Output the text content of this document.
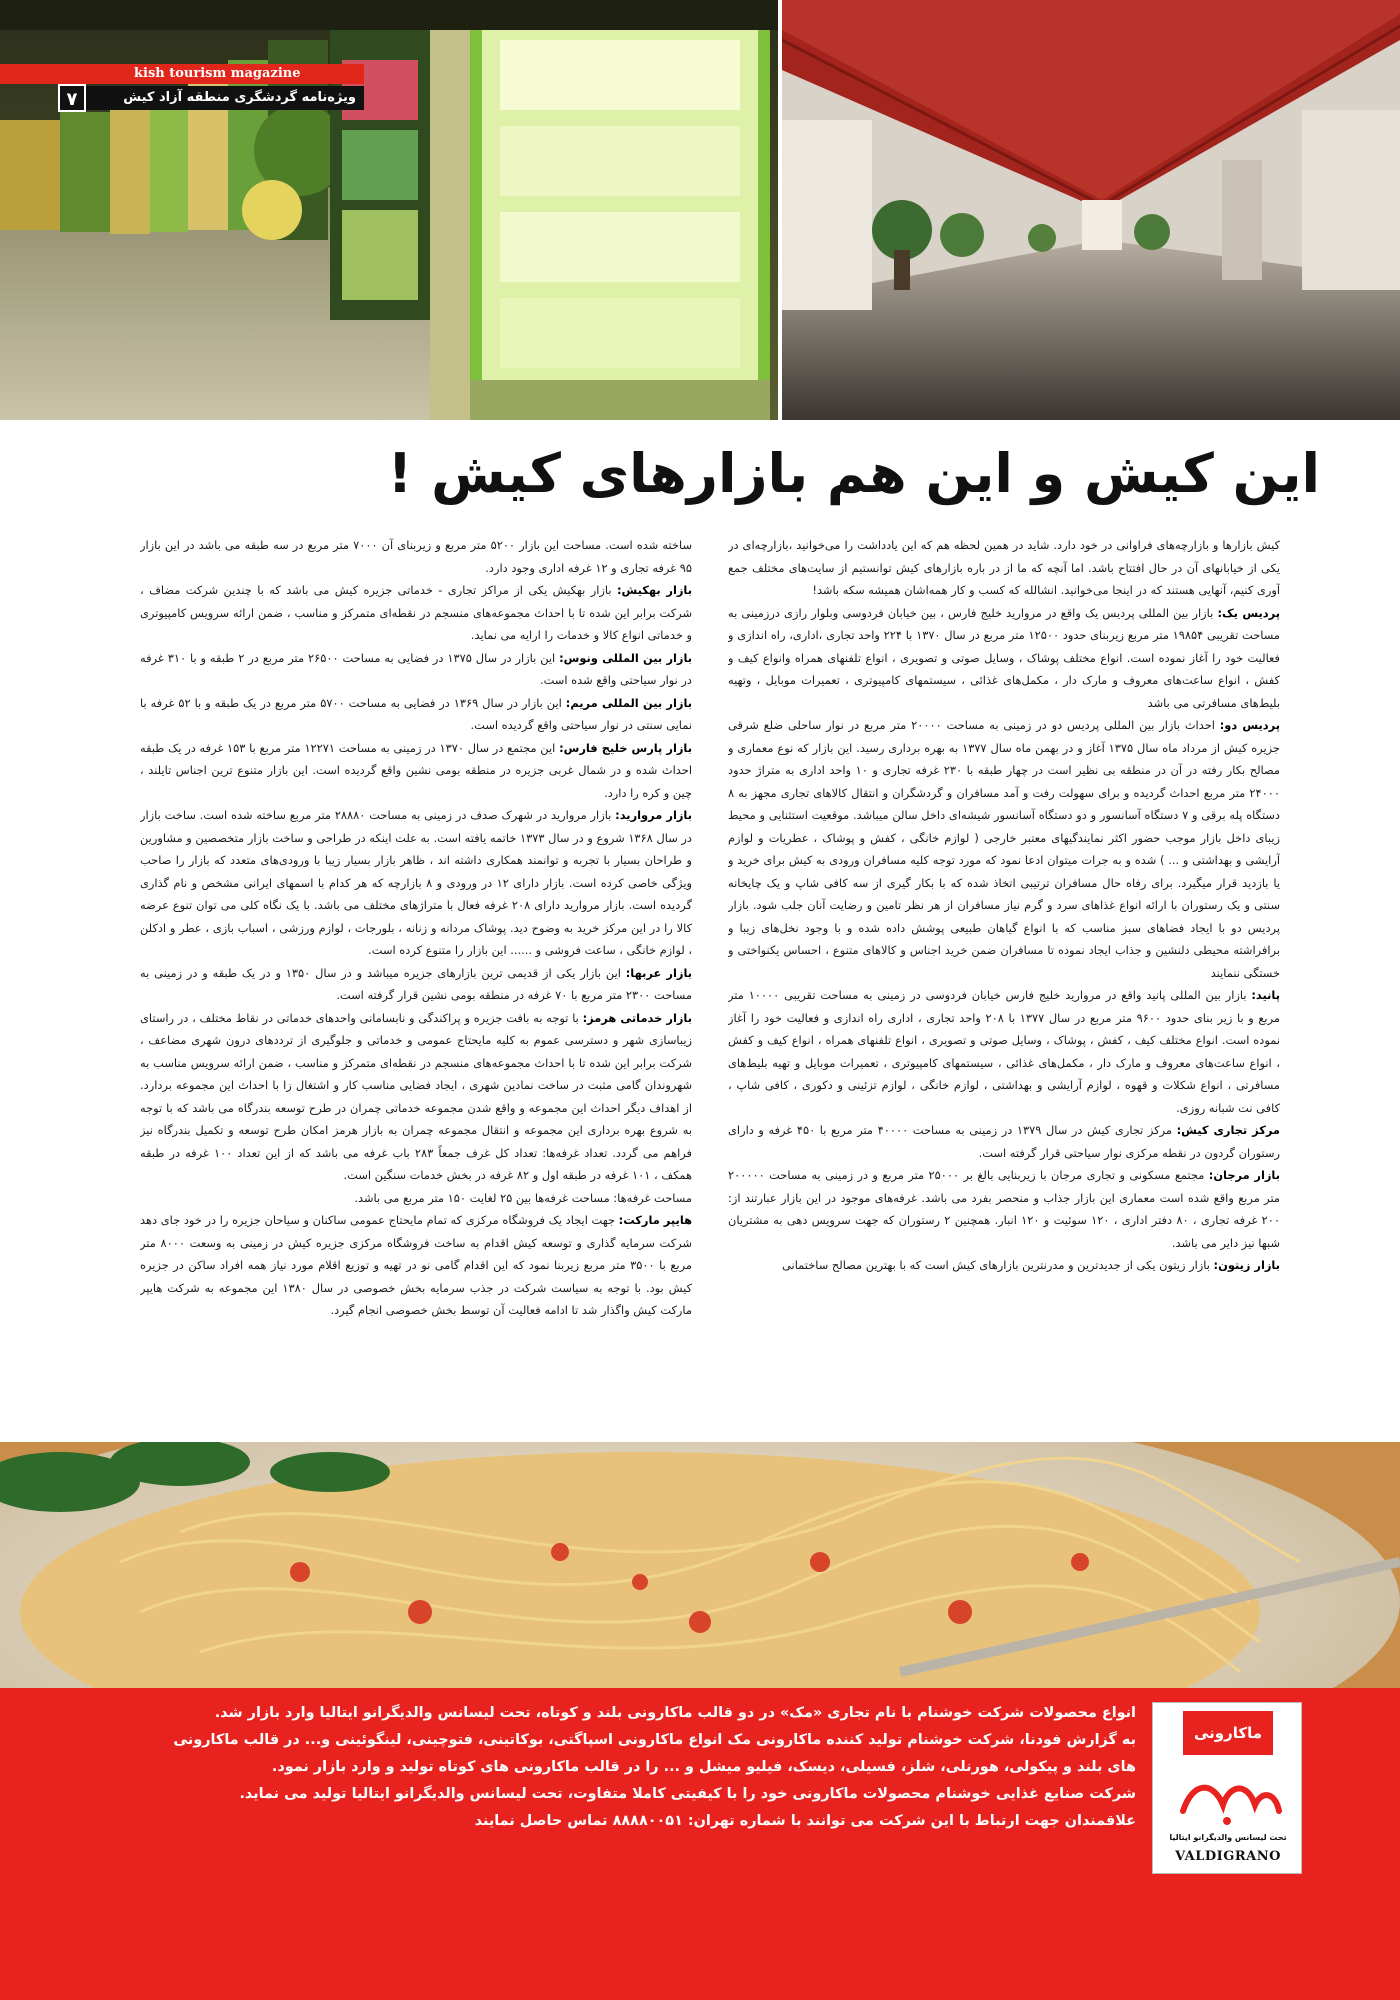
kish tourism magazine
ویژه‌نامه گردشگری منطقه آزاد کیش
۷
این کیش و این هم بازارهای کیش !

کیش بازارها و بازارچه‌های فراوانی در خود دارد. شاید در همین لحظه هم که این یادداشت را می‌خوانید ،بازارچه‌ای در یکی از خیابانهای آن در حال افتتاح باشد. اما آنچه که ما از در باره بازارهای کیش توانستیم از سایت‌های مختلف جمع آوری کنیم، آنهایی هستند که در اینجا می‌خوانید. انشالله که کسب و کار همه‌اشان همیشه سکه باشد!

پردیس یک: بازار بین المللی پردیس یک واقع در مروارید خلیج فارس ، بین خیابان فردوسی وبلوار رازی درزمینی به مساحت تقریبی ۱۹۸۵۴ متر مربع زیربنای حدود ۱۲۵۰۰ متر مربع در سال ۱۳۷۰ با ۲۲۴ واحد تجاری ،اداری، راه اندازی و فعالیت خود را آغاز نموده است. انواع مختلف پوشاک ، وسایل صوتی و تصویری ، انواع تلفنهای همراه وانواع کیف و کفش ، انواع ساعت‌های معروف و مارک دار ، مکمل‌های غذائی ، سیستمهای کامپیوتری ، تعمیرات موبایل ، وتهیه بلیط‌های مسافرتی می باشد

پردیس دو: احداث بازار بین المللی پردیس دو در زمینی به مساحت ۲۰۰۰۰ متر مربع در نوار ساحلی ضلع شرقی جزیره کیش از مرداد ماه سال ۱۳۷۵ آغاز و در بهمن ماه سال ۱۳۷۷ به بهره برداری رسید. این بازار که نوع معماری و مصالح بکار رفته در آن در منطقه بی نظیر است در چهار طبقه با ۲۳۰ غرفه تجاری و ۱۰ واحد اداری به متراژ حدود ۲۴۰۰۰ متر مربع احداث گردیده و برای سهولت رفت و آمد مسافران و گردشگران و انتقال کالاهای تجاری مجهز به ۸ دستگاه پله برقی و ۷ دستگاه آسانسور و دو دستگاه آسانسور شیشه‌ای داخل سالن میباشد. موقعیت استثنایی و محیط زیبای داخل بازار موجب حضور اکثر نمایندگیهای معتبر خارجی ( لوازم خانگی ، کفش و پوشاک ، عطریات و لوازم آرایشی و بهداشتی و ... ) شده و به جرات میتوان ادعا نمود که مورد توجه کلیه مسافران ورودی به کیش برای خرید و یا بازدید قرار میگیرد. برای رفاه حال مسافران ترتیبی اتخاذ شده که با بکار گیری از سه کافی شاپ و یک چایخانه سنتی و یک رستوران با ارائه انواع غذاهای سرد و گرم نیاز مسافران از هر نظر تامین و رضایت آنان جلب شود. بازار پردیس دو با ایجاد فضاهای سبز مناسب که با انواع گیاهان طبیعی پوشش داده شده و با وجود نخل‌های زیبا و برافراشته محیطی دلنشین و جذاب ایجاد نموده تا مسافران ضمن خرید اجناس و کالاهای متنوع ، احساس یکنواختی و خستگی ننمایند

پانید: بازار بین المللی پانید واقع در مروارید خلیج فارس خیابان فردوسی در زمینی به مساحت تقریبی ۱۰۰۰۰ متر مربع و با زیر بنای حدود ۹۶۰۰ متر مربع در سال ۱۳۷۷ با ۲۰۸ واحد تجاری ، اداری راه اندازی و فعالیت خود را آغاز نموده است. انواع مختلف کیف ، کفش ، پوشاک ، وسایل صوتی و تصویری ، انواع تلفنهای همراه ، انواع کیف و کفش ، انواع ساعت‌های معروف و مارک دار ، مکمل‌های غذائی ، سیستمهای کامپیوتری ، تعمیرات موبایل و تهیه بلیط‌های مسافرتی ، انواع شکلات و قهوه ، لوازم آرایشی و بهداشتی ، لوازم خانگی ، لوازم تزئینی و دکوری ، کافی شاپ ، کافی نت شبانه روزی.

مرکز تجاری کیش: مرکز تجاری کیش در سال ۱۳۷۹ در زمینی به مساحت ۴۰۰۰۰ متر مربع با ۴۵۰ غرفه و دارای رستوران گردون در نقطه مرکزی نوار سیاحتی قرار گرفته است.

بازار مرجان: مجتمع مسکونی و تجاری مرجان با زیربنایی بالغ بر ۲۵۰۰۰ متر مربع و در زمینی به مساحت ۲۰۰۰۰۰ متر مربع واقع شده است معماری این بازار جذاب و منحصر بفرد می باشد. غرفه‌های موجود در این بازار عبارتند از: ۲۰۰ غرفه تجاری ، ۸۰ دفتر اداری ، ۱۲۰ سوئیت و ۱۲۰ انبار. همچنین ۲ رستوران که جهت سرویس دهی به مشتریان شبها نیز دایر می باشد.

بازار زیتون: بازار زیتون یکی از جدیدترین و مدرنترین بازارهای کیش است که با بهترین مصالح ساختمانی

ساخته شده است. مساحت این بازار ۵۲۰۰ متر مربع و زیربنای آن ۷۰۰۰ متر مربع در سه طبقه می باشد در این بازار ۹۵ غرفه تجاری و ۱۲ غرفه اداری وجود دارد.

بازار بهکیش: بازار بهکیش یکی از مراکز تجاری - خدماتی جزیره کیش می باشد که با چندین شرکت مضاف ، شرکت برابر این شده تا با احداث مجموعه‌های منسجم در نقطه‌ای متمرکز و مناسب ، ضمن ارائه سرویس کامپیوتری و خدماتی انواع کالا و خدمات را ارایه می نماید.

بازار بین المللی ونوس: این بازار در سال ۱۳۷۵ در فضایی به مساحت ۲۶۵۰۰ متر مربع در ۲ طبقه و با ۳۱۰ غرفه در نوار سیاحتی واقع شده است.

بازار بین المللی مریم: این بازار در سال ۱۳۶۹ در فضایی به مساحت ۵۷۰۰ متر مربع در یک طبقه و با ۵۲ غرفه با نمایی سنتی در نوار سیاحتی واقع گردیده است.

بازار پارس خلیج فارس: این مجتمع در سال ۱۳۷۰ در زمینی به مساحت ۱۲۲۷۱ متر مربع با ۱۵۳ غرفه در یک طبقه احداث شده و در شمال غربی جزیره در منطقه بومی نشین واقع گردیده است. این بازار متنوع ترین اجناس تایلند ، چین و کره را دارد.

بازار مروارید: بازار مروارید در شهرک صدف در زمینی به مساحت ۲۸۸۸۰ متر مربع ساخته شده است. ساخت بازار در سال ۱۳۶۸ شروع و در سال ۱۳۷۳ خاتمه یافته است. به علت اینکه در طراحی و ساخت بازار متخصصین و مشاورین و طراحان بسیار با تجربه و توانمند همکاری داشته اند ، ظاهر بازار بسیار زیبا با ورودی‌های متعدد که بازار را صاحب ویژگی خاصی کرده است. بازار دارای ۱۲ در ورودی و ۸ بازارچه که هر کدام با اسمهای ایرانی مشخص و نام گذاری گردیده است. بازار مروارید دارای ۲۰۸ غرفه فعال با متراژهای مختلف می باشد. با یک نگاه کلی می توان تنوع عرضه کالا را در این مرکز خرید به وضوح دید. پوشاک مردانه و زنانه ، بلورجات ، لوازم ورزشی ، اسباب بازی ، عطر و ادکلن ، لوازم خانگی ، ساعت فروشی و ...... این بازار را متنوع کرده است.

بازار عربها: این بازار یکی از قدیمی ترین بازارهای جزیره میباشد و در سال ۱۳۵۰ و در یک طبقه و در زمینی به مساحت ۲۳۰۰ متر مربع با ۷۰ غرفه در منطقه بومی نشین قرار گرفته است.

بازار خدماتی هرمز: با توجه به بافت جزیره و پراکندگی و نابسامانی واحدهای خدماتی در نقاط مختلف ، در راستای زیباسازی شهر و دسترسی عموم به کلیه مایحتاج عمومی و خدماتی و جلوگیری از ترددهای درون شهری مضاعف ، شرکت برابر این شده تا با احداث مجموعه‌های منسجم در نقطه‌ای متمرکز و مناسب ، ضمن ارائه سرویس مناسب به شهروندان گامی مثبت در ساخت نمادین شهری ، ایجاد فضایی مناسب کار و اشتغال زا با احداث این مجموعه بردارد. از اهداف دیگر احداث این مجموعه و واقع شدن مجموعه خدماتی چمران در طرح توسعه بندرگاه می باشد که با توجه به شروع بهره برداری این مجموعه و انتقال مجموعه چمران به بازار هرمز امکان طرح توسعه و تکمیل بندرگاه نیز فراهم می گردد. تعداد غرفه‌ها: تعداد کل غرف جمعاً ۲۸۳ باب غرفه می باشد که از این تعداد ۱۰۰ غرفه در طبقه همکف ، ۱۰۱ غرفه در طبقه اول و ۸۲ غرفه در بخش خدمات سنگین است.

مساحت غرفه‌ها: مساحت غرفه‌ها بین ۲۵ لغایت ۱۵۰ متر مربع می باشد.

هایپر مارکت: جهت ایجاد یک فروشگاه مرکزی که تمام مایحتاج عمومی ساکنان و سیاحان جزیره را در خود جای دهد شرکت سرمایه گذاری و توسعه کیش اقدام به ساخت فروشگاه مرکزی جزیره کیش در زمینی به وسعت ۸۰۰۰ متر مربع با ۳۵۰۰ متر مربع زیربنا نمود که این اقدام گامی نو در تهیه و توزیع اقلام مورد نیاز همه افراد ساکن در جزیره کیش بود. با توجه به سیاست شرکت در جذب سرمایه بخش خصوصی در سال ۱۳۸۰ این مجموعه به شرکت هایپر مارکت کیش واگذار شد تا ادامه فعالیت آن توسط بخش خصوصی انجام گیرد.

انواع محصولات شرکت خوشنام با نام تجاری «مک» در دو قالب ماکارونی بلند و کوتاه، تحت لیسانس والدیگرانو ایتالیا وارد بازار شد.

به گزارش فودنا، شرکت خوشنام تولید کننده ماکارونی مک انواع ماکارونی اسپاگتی، بوکاتینی، فتوچینی، لینگوئینی و... در قالب ماکارونی های بلند و پیکولی، هورنلی، شلز، فسیلی، دیسک، فیلیو میشل و ... را در قالب ماکارونی های کوتاه تولید و وارد بازار نمود.

شرکت صنایع غذایی خوشنام محصولات ماکارونی خود را با کیفیتی کاملا متفاوت، تحت لیسانس والدیگرانو ایتالیا تولید می نماید.

علاقمندان جهت ارتباط با این شرکت می توانند با شماره تهران: ۸۸۸۸۰۰۵۱ تماس حاصل نمایند

ماکارونی
تحت لیسانس والدیگرانو ایتالیا
VALDIGRANO
